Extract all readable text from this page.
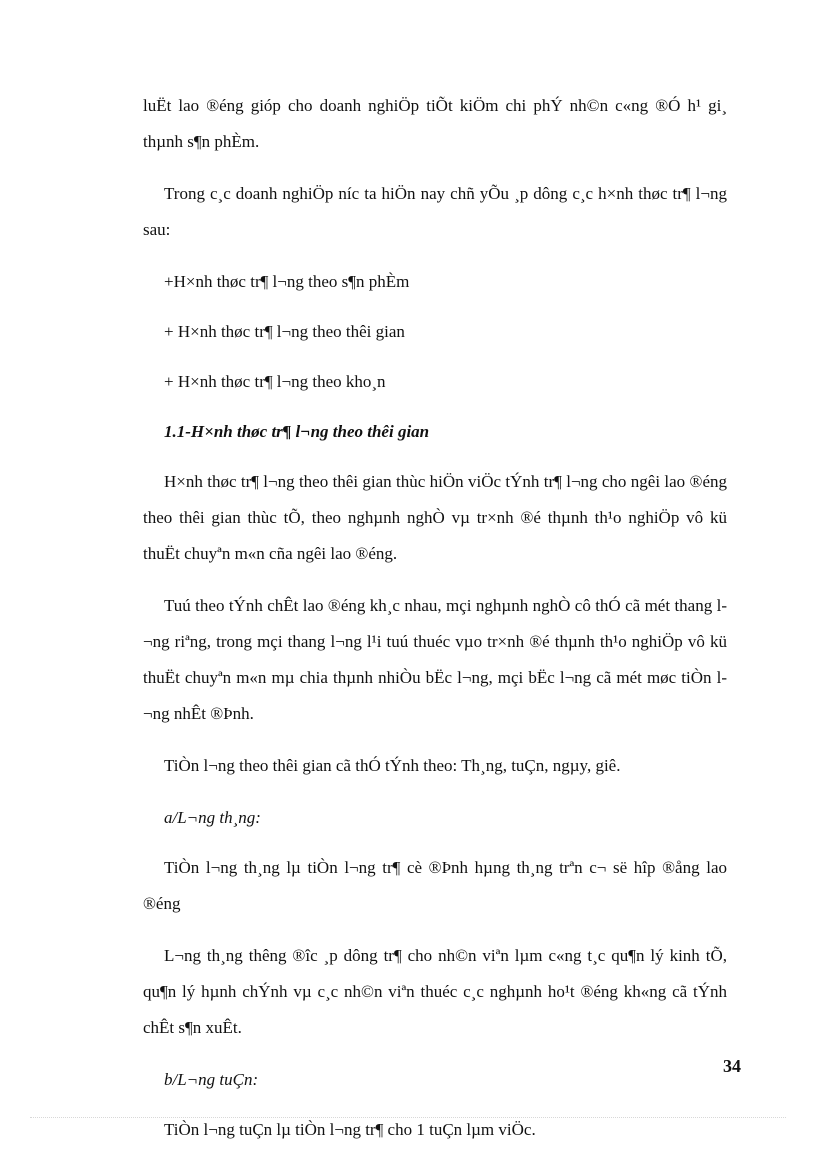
luËt lao ®éng gióp cho doanh nghiÖp tiÕt kiÖm chi phÝ nh©n c«ng ®Ó h¹ gi¸ thµnh s¶n phÈm.

Trong c¸c doanh nghiÖp níc ta hiÖn nay chñ yÕu ¸p dông c¸c h×nh thøc tr¶ l¬ng sau:

+H×nh thøc tr¶ l¬ng theo s¶n phÈm

+ H×nh thøc tr¶ l¬ng theo thêi gian

+ H×nh thøc tr¶ l¬ng theo kho¸n

1.1-H×nh thøc tr¶ l¬ng theo thêi gian

H×nh thøc tr¶ l¬ng theo thêi gian thùc hiÖn viÖc tÝnh tr¶ l¬ng cho ngêi lao ®éng theo thêi gian thùc tÕ, theo nghµnh nghÒ vµ tr×nh ®é thµnh th¹o nghiÖp vô kü thuËt chuyªn m«n cña ngêi lao ®éng.

Tuú theo tÝnh chÊt lao ®éng kh¸c nhau, mçi nghµnh nghÒ cô thÓ cã mét thang l¬ng riªng, trong mçi thang l¬ng l¹i tuú thuéc vµo tr×nh ®é thµnh th¹o nghiÖp vô kü thuËt chuyªn m«n mµ chia thµnh nhiÒu bËc l¬ng, mçi bËc l¬ng cã mét møc tiÒn l¬ng nhÊt ®Þnh.

TiÒn l¬ng theo thêi gian cã thÓ tÝnh theo: Th¸ng, tuÇn, ngµy, giê.

a/L¬ng th¸ng:

TiÒn l¬ng th¸ng lµ tiÒn l¬ng tr¶ cè ®Þnh hµng th¸ng trªn c¬ së hîp ®ång lao ®éng

L¬ng th¸ng thêng ®îc ¸p dông tr¶ cho nh©n viªn lµm c«ng t¸c qu¶n lý kinh tÕ, qu¶n lý hµnh chÝnh vµ c¸c nh©n viªn thuéc c¸c nghµnh ho¹t ®éng kh«ng cã tÝnh chÊt s¶n xuÊt.

b/L¬ng tuÇn:

TiÒn l¬ng tuÇn lµ tiÒn l¬ng tr¶ cho 1 tuÇn lµm viÖc.

34
